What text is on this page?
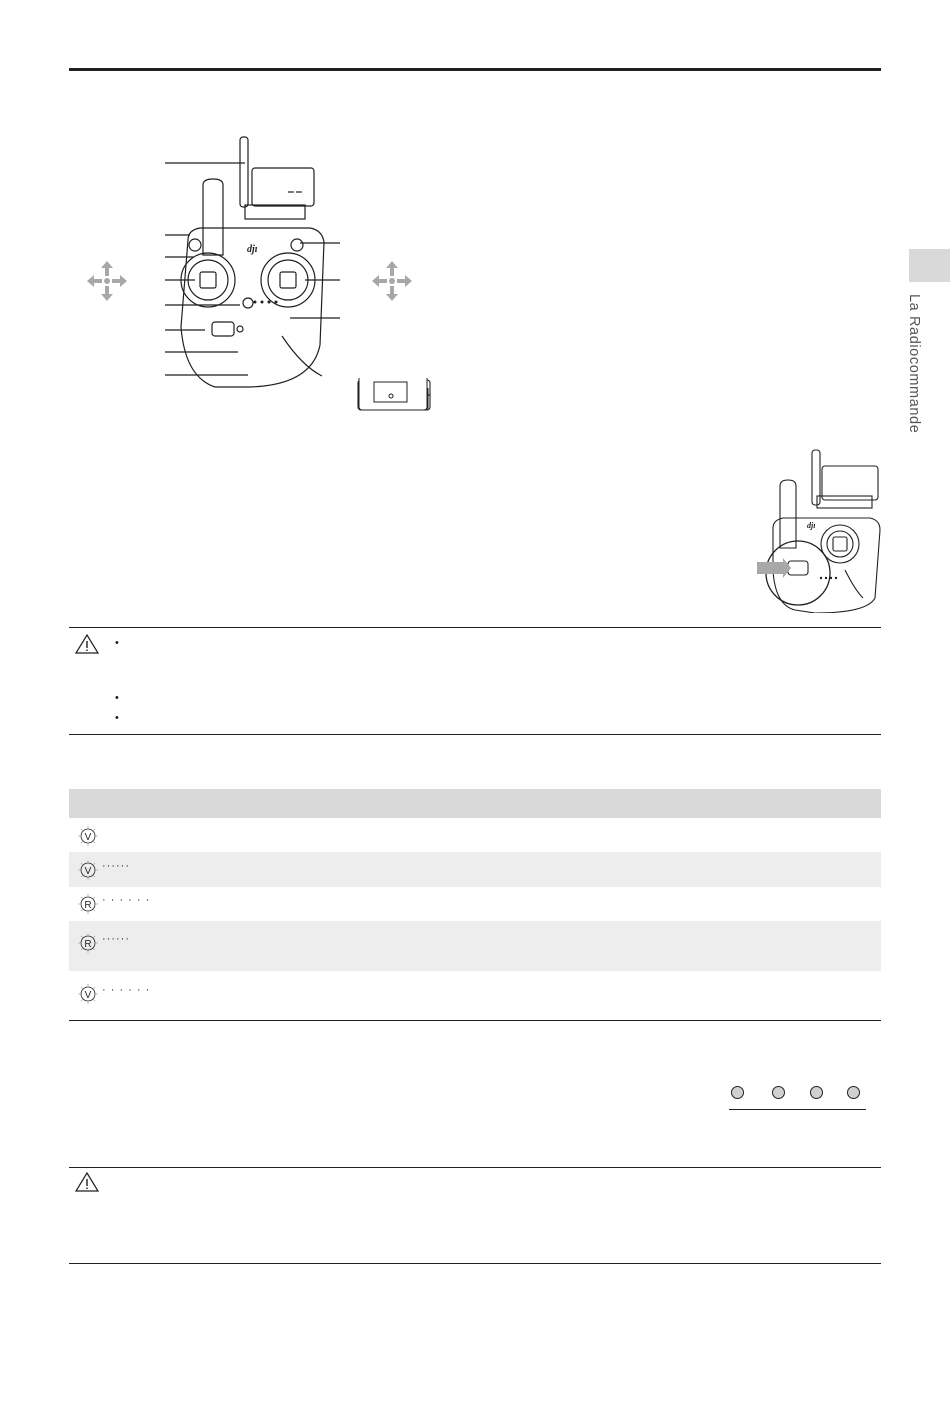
La Radiocommande
djı
djı
•
•
•
V
V ······
R · · · · · ·
R ······
V · · · · · ·
